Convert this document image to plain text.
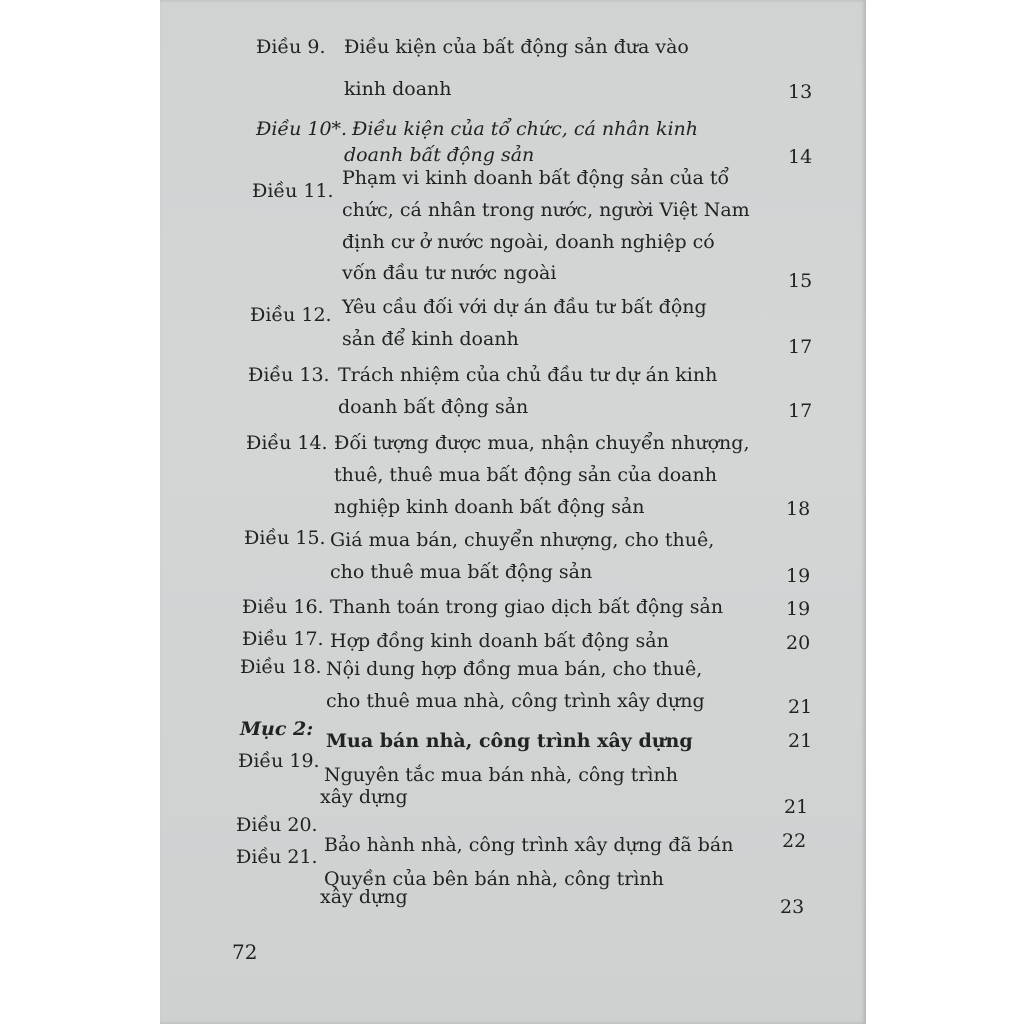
Điều 9. Điều kiện của bất động sản đưa vào
kinh doanh	13
Điều 10*. Điều kiện của tổ chức, cá nhân kinh
doanh bất động sản	14
Điều 11.
Phạm vi kinh doanh bất động sản của tổ
chức, cá nhân trong nước, người Việt Nam
định cư ở nước ngoài, doanh nghiệp có
vốn đầu tư nước ngoài	15
Điều 12. Yêu cầu đối với dự án đầu tư bất động
sản để kinh doanh	17
Điều 13. Trách nhiệm của chủ đầu tư dự án kinh
doanh bất động sản	17
Điều 14. Đối tượng được mua, nhận chuyển nhượng,
thuê, thuê mua bất động sản của doanh
nghiệp kinh doanh bất động sản	18
Điều 15. Giá mua bán, chuyển nhượng, cho thuê,
cho thuê mua bất động sản	19
Điều 16. Thanh toán trong giao dịch bất động sản	19
Điều 17. Hợp đồng kinh doanh bất động sản	20
Điều 18. Nội dung hợp đồng mua bán, cho thuê,
cho thuê mua nhà, công trình xây dựng	21
Mục 2:
Mua bán nhà, công trình xây dựng	21
Điều 19.
Nguyên tắc mua bán nhà, công trình
xây dựng	21
Điều 20.
Bảo hành nhà, công trình xây dựng đã bán	22
Điều 21.
Quyền của bên bán nhà, công trình
xây dựng	23
72
